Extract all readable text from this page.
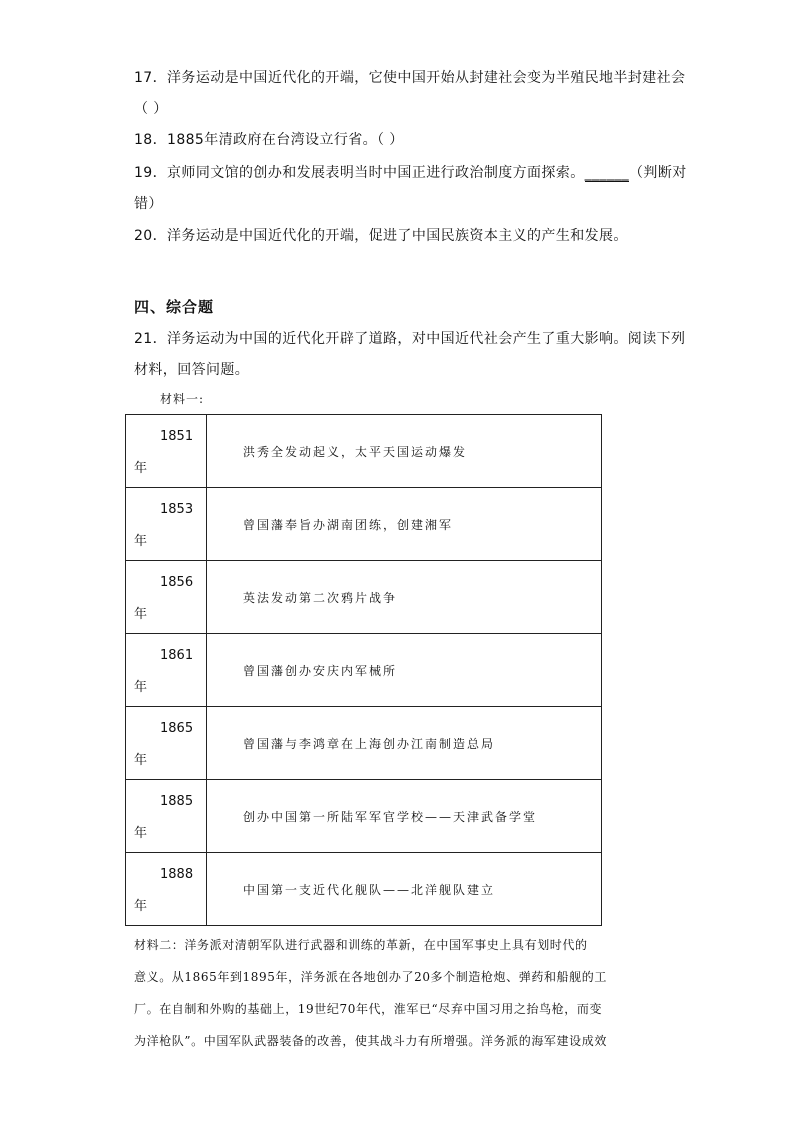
17．洋务运动是中国近代化的开端，它使中国开始从封建社会变为半殖民地半封建社会
（ ）
18．1885年清政府在台湾设立行省。（ ）
19．京师同文馆的创办和发展表明当时中国正进行政治制度方面探索。______（判断对
错）
20．洋务运动是中国近代化的开端，促进了中国民族资本主义的产生和发展。
四、综合题
21．洋务运动为中国的近代化开辟了道路，对中国近代社会产生了重大影响。阅读下列
材料，回答问题。
材料一:
1851
年	洪秀全发动起义，太平天国运动爆发

1853
年	曾国藩奉旨办湖南团练，创建湘军

1856
年	英法发动第二次鸦片战争

1861
年	曾国藩创办安庆内军械所

1865
年	曾国藩与李鸿章在上海创办江南制造总局

1885
年	创办中国第一所陆军军官学校——天津武备学堂

1888
年	中国第一支近代化舰队——北洋舰队建立
材料二：洋务派对清朝军队进行武器和训练的革新，在中国军事史上具有划时代的
意义。从1865年到1895年，洋务派在各地创办了20多个制造枪炮、弹药和船舰的工
厂。在自制和外购的基础上，19世纪70年代，淮军已“尽弃中国习用之抬鸟枪，而变
为洋枪队”。中国军队武器装备的改善，使其战斗力有所增强。洋务派的海军建设成效
